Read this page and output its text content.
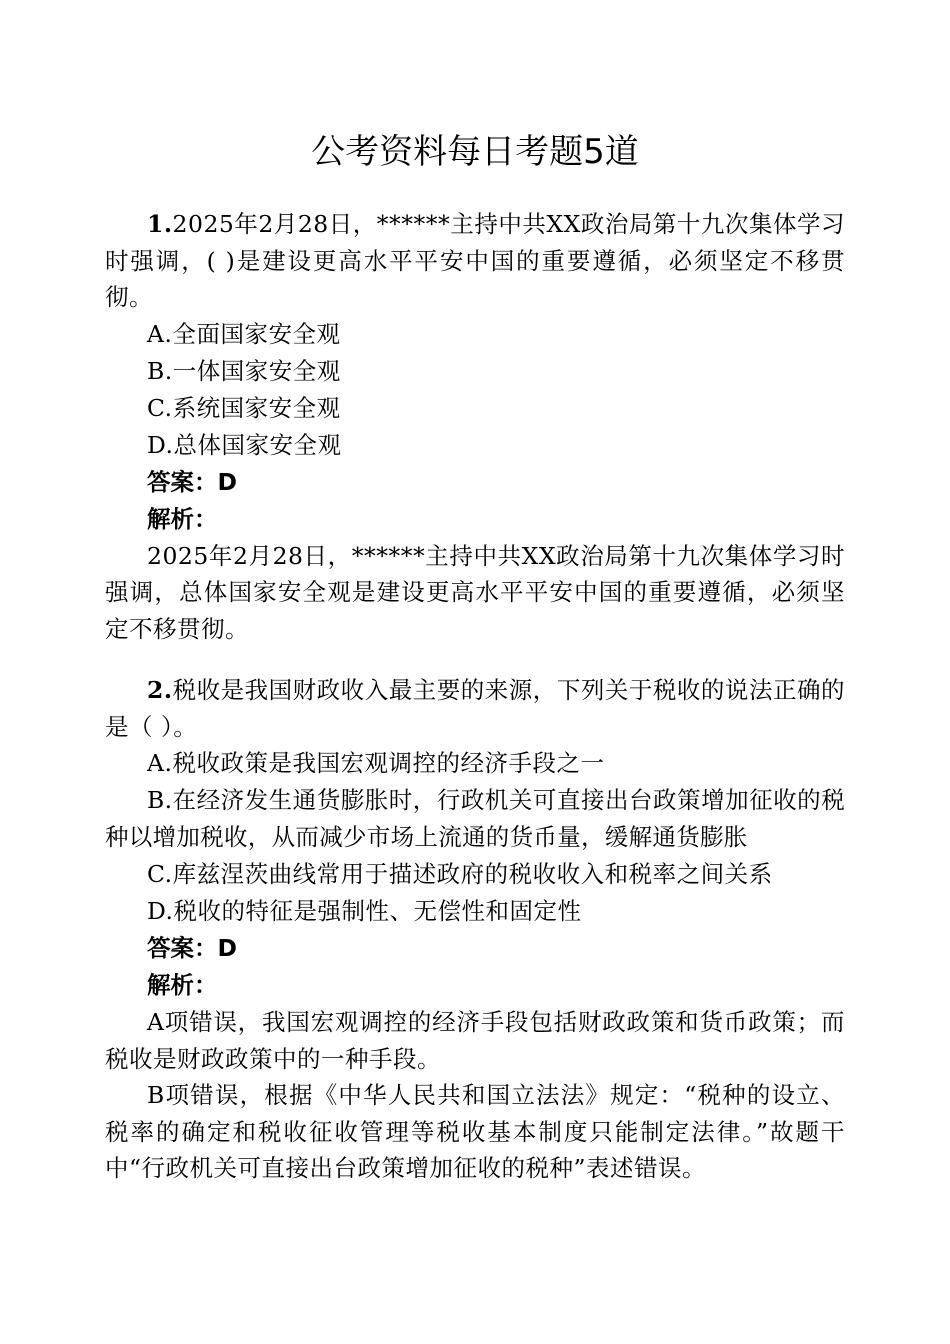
公考资料每日考题5道

1.2025年2月28日，******主持中共XX政治局第十九次集体学习时强调，( )是建设更高水平平安中国的重要遵循，必须坚定不移贯彻。

A.全面国家安全观

B.一体国家安全观

C.系统国家安全观

D.总体国家安全观

答案：D

解析：

2025年2月28日，******主持中共XX政治局第十九次集体学习时强调，总体国家安全观是建设更高水平平安中国的重要遵循，必须坚定不移贯彻。

2.税收是我国财政收入最主要的来源，下列关于税收的说法正确的是（ ）。

A.税收政策是我国宏观调控的经济手段之一

B.在经济发生通货膨胀时，行政机关可直接出台政策增加征收的税种以增加税收，从而减少市场上流通的货币量，缓解通货膨胀

C.库兹涅茨曲线常用于描述政府的税收收入和税率之间关系

D.税收的特征是强制性、无偿性和固定性

答案：D

解析：

A项错误，我国宏观调控的经济手段包括财政政策和货币政策；而税收是财政政策中的一种手段。

B项错误，根据《中华人民共和国立法法》规定：“税种的设立、税率的确定和税收征收管理等税收基本制度只能制定法律。”故题干中“行政机关可直接出台政策增加征收的税种”表述错误。
